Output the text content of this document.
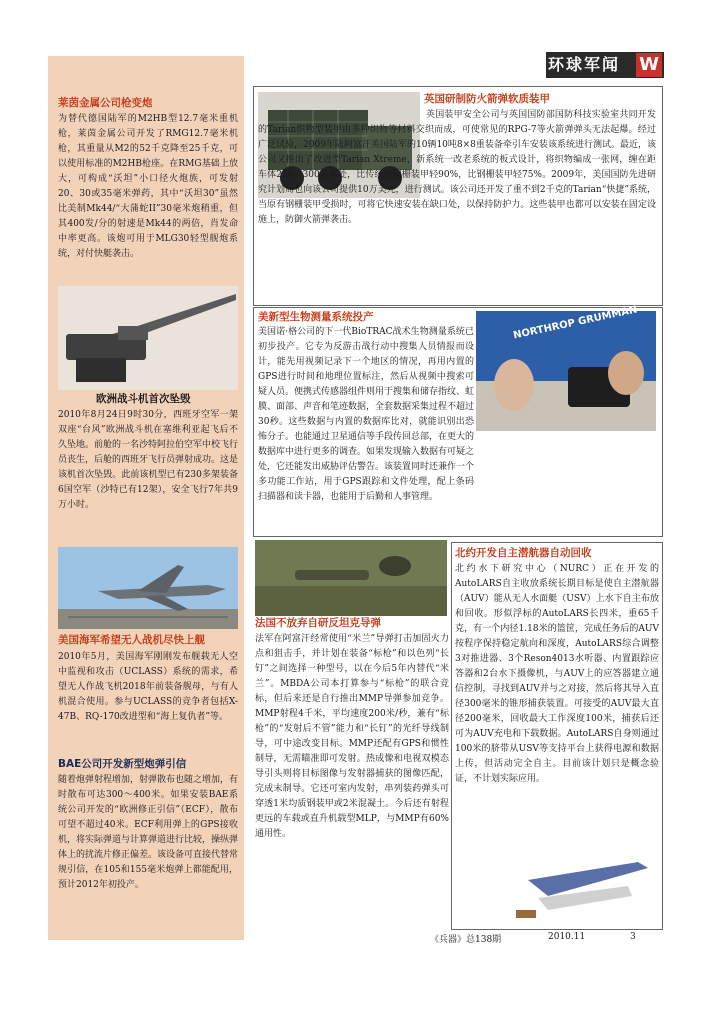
环球军闻	W
莱茵金属公司枪变炮
为替代德国陆军的M2HB型12.7毫米重机枪，莱茵金属公司开发了RMG12.7毫米机枪，其重量从M2的52千克降至25千克，可以使用标准的M2HB枪座。在RMG基础上放大，可构成“沃坦”小口径火炮族，可发射20、30或35毫米弹药，其中“沃坦30”虽然比美制Mk44/“大蒲蛇II”30毫米炮稍重，但其400发/分的射速是Mk44的两倍，肖发命中率更高。该炮可用于MLG30轻型舰炮系统，对付快艇袭击。
欧洲战斗机首次坠毁
2010年8月24日9时30分，西班牙空军一架双座“台风”欧洲战斗机在塞维利亚起飞后不久坠地。前舱的一名沙特阿拉伯空军中校飞行员丧生，后舱的西班牙飞行员弹射成功。这是该机首次坠毁。此前该机型已有230多架装备6国空军（沙特已有12架），安全飞行7年共9万小时。
美国海军希望无人战机尽快上舰
2010年5月，美国海军刚刚发布舰载无人空中监视和攻击（UCLASS）系统的需求，希望无人作战飞机2018年前装备舰母，与有人机混合使用。参与UCLASS的竞争者包括X-47B、RQ-170改进型和“海上复仇者”等。
BAE公司开发新型炮弹引信
随着炮弹射程增加，射弹散布也随之增加，有时散布可达300～400米。如果安装BAE系统公司开发的“欧洲修正引信”（ECF），散布可望不超过40米。ECF利用弹上的GPS接收机，将实际弹道与计算弹道进行比较，操纵弹体上的扰流片修正偏差。该设备可直接代替常规引信，在105和155毫米炮弹上都能配用，预计2012年初投产。
英国研制防火箭弹软质装甲
英国装甲安全公司与英国国防部国防科技实验室共同开发的Tarian织物型装甲由多种织物等材料交织而成，可使常见的RPG-7等火箭弹弹头无法起爆。经过广泛试验，2009年陆阿富汗英国陆军的10辆10吨8×8重装备牵引车安装该系统进行测试。最近，该公司又推出了改进型Tarian Xtreme，新系统一改老系统的板式设计，将织物编成一张网，缠在距车体250～300毫米处，比传统的钢栅装甲轻90%，比钢栅装甲轻75%。2009年，美国国防先进研究计划局也向该公司提供10万美元，进行测试。该公司还开发了重不到2千克的Tarian“快捷”系统，当原有钢栅装甲受损时，可将它快速安装在缺口处，以保持防护力。这些装甲也都可以安装在固定设施上，防御火箭弹袭击。
美新型生物测量系统投产
美国诺·格公司的下一代BioTRAC战术生物测量系统已初步投产。它专为反游击战行动中搜集人员情报而设计，能先用视频记录下一个地区的情况，再用内置的GPS进行时间和地理位置标注，然后从视频中搜索可疑人员。便携式传感器组件则用于搜集和储存指纹、虹膜、面部、声音和笔迹数据，全套数据采集过程不超过30秒。这些数据与内置的数据库比对，就能识别出恐怖分子。也能通过卫星通信等手段传回总部，在更大的数据库中进行更多的调查。如果发现输入数据有可疑之处，它还能发出威胁评估警告。该装置同时还兼作一个多功能工作站，用于GPS跟踪和文件处理，配上条码扫描器和读卡器，也能用于后勤和人事管理。
NORTHROP GRUMMAN
法国不放弃自研反坦克导弹
法军在阿富汗经常使用“米兰”导弹打击加固火力点和狙击手，并计划在装备“标枪”和以色列“长钉”之间选择一种型号，以在今后5年内替代“米兰”。MBDA公司本打算参与“标枪”的联合竞标，但后来还是自行推出MMP导弹参加竞争。MMP射程4千米，平均速度200米/秒，兼有“标枪”的“发射后不管”能力和“长钉”的光纤导线制导，可中途改变目标。MMP还配有GPS和惯性制导，无需瞄准即可发射。热成像和电视双模态导引头则将目标图像与发射器捕获的图像匹配，完成末制导。它还可室内发射，串列装药弹头可穿透1米均质钢装甲或2米混凝土。今后还有射程更远的车载或直升机载型MLP，与MMP有60%通用性。
北约开发自主潜航器自动回收
北约水下研究中心（NURC）正在开发的AutoLARS自主收放系统长期目标是使自主潜航器（AUV）能从无人水面艇（USV）上水下自主布放和回收。形似浮标的AutoLARS长四米，重65千克，有一个内径1.18米的篮筐，完成任务后的AUV按程序保持稳定航向和深度，AutoLARS综合调整3对推进器、3个Reson4013水听器、内置跟踪应答器和2台水下摄像机，与AUV上的应答器建立通信控制，寻找到AUV并与之对接，然后将其导入直径300毫米的锥形捕获装置。可接受的AUV最大直径200毫米，回收最大工作深度100米，捕获后还可为AUV充电和下载数据。AutoLARS自身则通过100米的脐带从USV等支持平台上获得电源和数据上传，但活动完全自主。目前该计划只是概念验证，不计划实际应用。
《兵器》总138期	2010.11	3
